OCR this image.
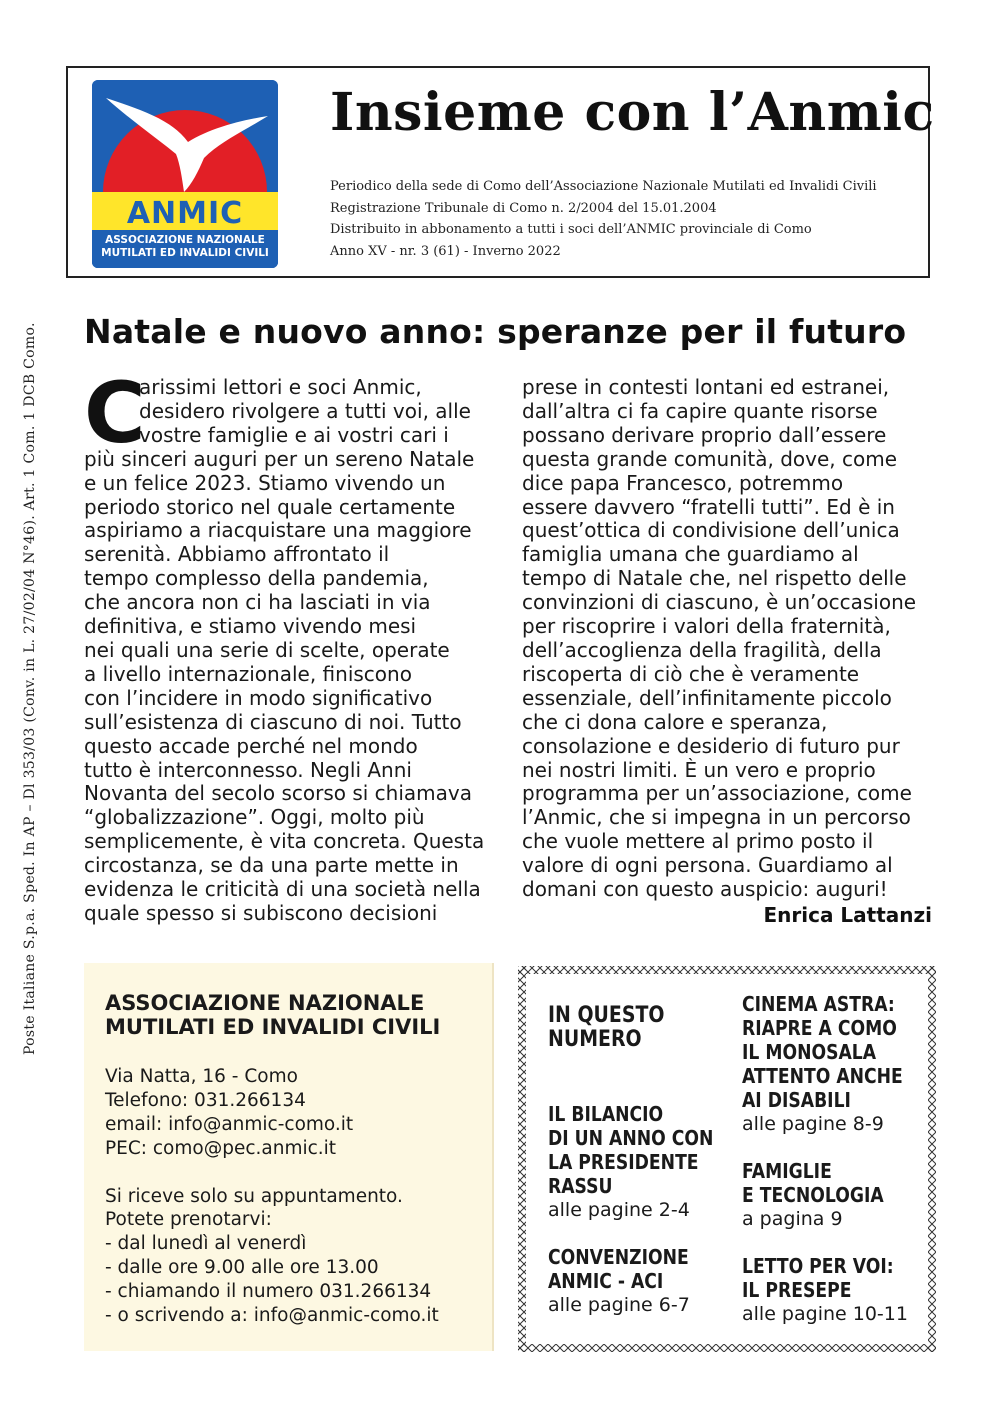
Poste Italiane S.p.a. Sped. In AP – Dl 353/03 (Conv. in L. 27/02/04 N°46). Art. 1 Com. 1 DCB Como.
ANMIC
ASSOCIAZIONE NAZIONALE
MUTILATI ED INVALIDI CIVILI
Insieme con l’Anmic
Periodico della sede di Como dell’Associazione Nazionale Mutilati ed Invalidi Civili
Registrazione Tribunale di Como n. 2/2004 del 15.01.2004
Distribuito in abbonamento a tutti i soci dell’ANMIC provinciale di Como
Anno XV - nr. 3 (61) - Inverno 2022
Natale e nuovo anno: speranze per il futuro
C
arissimi lettori e soci Anmic,
desidero rivolgere a tutti voi, alle
vostre famiglie e ai vostri cari i
più sinceri auguri per un sereno Natale
e un felice 2023. Stiamo vivendo un
periodo storico nel quale certamente
aspiriamo a riacquistare una maggiore
serenità. Abbiamo affrontato il
tempo complesso della pandemia,
che ancora non ci ha lasciati in via
definitiva, e stiamo vivendo mesi
nei quali una serie di scelte, operate
a livello internazionale, finiscono
con l’incidere in modo significativo
sull’esistenza di ciascuno di noi. Tutto
questo accade perché nel mondo
tutto è interconnesso. Negli Anni
Novanta del secolo scorso si chiamava
“globalizzazione”. Oggi, molto più
semplicemente, è vita concreta. Questa
circostanza, se da una parte mette in
evidenza le criticità di una società nella
quale spesso si subiscono decisioni
prese in contesti lontani ed estranei,
dall’altra ci fa capire quante risorse
possano derivare proprio dall’essere
questa grande comunità, dove, come
dice papa Francesco, potremmo
essere davvero “fratelli tutti”. Ed è in
quest’ottica di condivisione dell’unica
famiglia umana che guardiamo al
tempo di Natale che, nel rispetto delle
convinzioni di ciascuno, è un’occasione
per riscoprire i valori della fraternità,
dell’accoglienza della fragilità, della
riscoperta di ciò che è veramente
essenziale, dell’infinitamente piccolo
che ci dona calore e speranza,
consolazione e desiderio di futuro pur
nei nostri limiti. È un vero e proprio
programma per un’associazione, come
l’Anmic, che si impegna in un percorso
che vuole mettere al primo posto il
valore di ogni persona. Guardiamo al
domani con questo auspicio: auguri!
Enrica Lattanzi
ASSOCIAZIONE NAZIONALE
MUTILATI ED INVALIDI CIVILI
Via Natta, 16 - Como
Telefono: 031.266134
email: info@anmic-como.it
PEC: como@pec.anmic.it
Si riceve solo su appuntamento.
Potete prenotarvi:
- dal lunedì al venerdì
- dalle ore 9.00 alle ore 13.00
- chiamando il numero 031.266134
- o scrivendo a: info@anmic-como.it
IN QUESTO
NUMERO
IL BILANCIO
DI UN ANNO CON
LA PRESIDENTE
RASSU
alle pagine 2-4
CONVENZIONE
ANMIC - ACI
alle pagine 6-7
CINEMA ASTRA:
RIAPRE A COMO
IL MONOSALA
ATTENTO ANCHE
AI DISABILI
alle pagine 8-9
FAMIGLIE
E TECNOLOGIA
a pagina 9
LETTO PER VOI:
IL PRESEPE
alle pagine 10-11
